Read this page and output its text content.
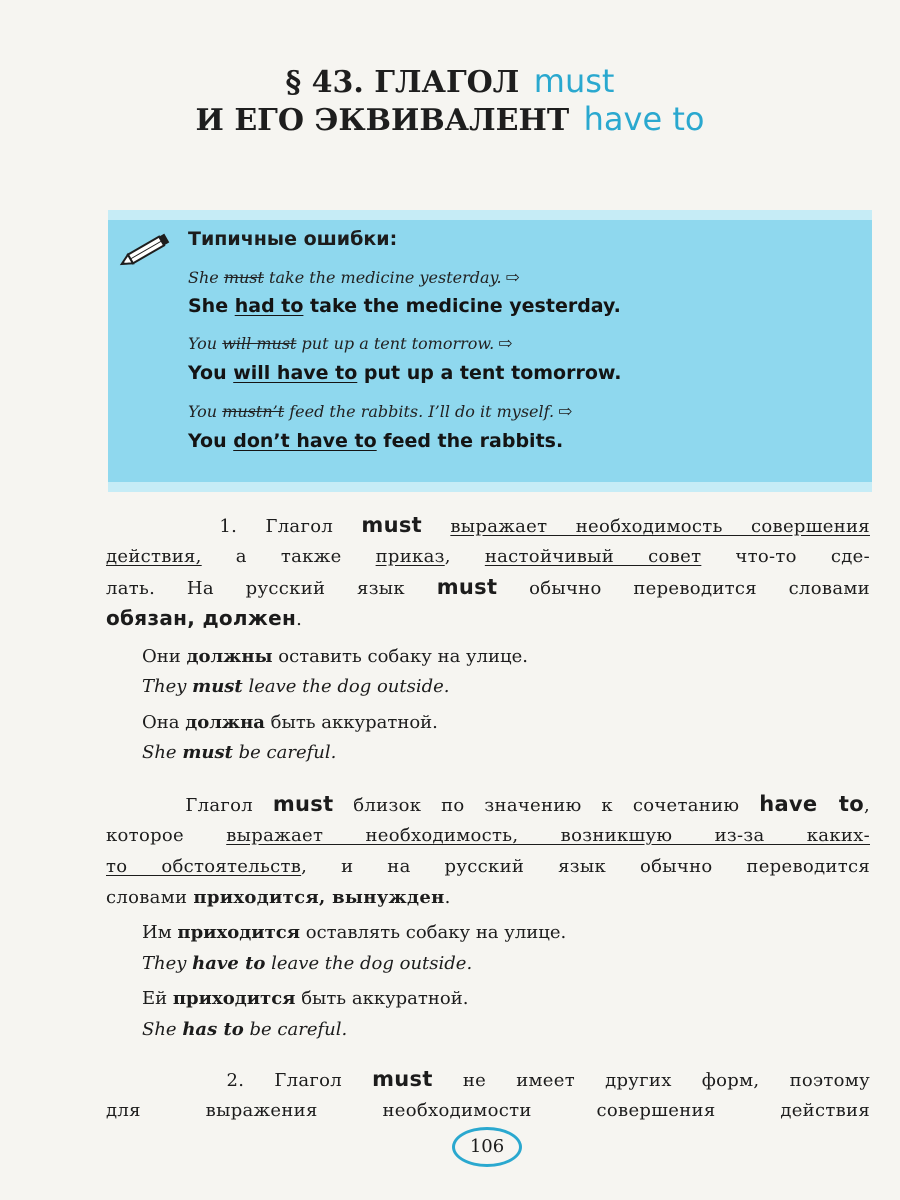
§ 43. ГЛАГОЛ must
И ЕГО ЭКВИВАЛЕНТ have to
Типичные ошибки:
She must take the medicine yesterday. ⇨
She had to take the medicine yesterday.
You will must put up a tent tomorrow. ⇨
You will have to put up a tent tomorrow.
You mustn’t feed the rabbits. I’ll do it myself. ⇨
You don’t have to feed the rabbits.
1. Глагол must выражает необходимость совершения
действия, а также приказ, настойчивый совет что-то сде-
лать. На русский язык must обычно переводится словами
обязан, должен.
Они должны оставить собаку на улице.
They must leave the dog outside.
Она должна быть аккуратной.
She must be careful.
Глагол must близок по значению к сочетанию have to,
которое выражает необходимость, возникшую из-за каких-
то обстоятельств, и на русский язык обычно переводится
словами приходится, вынужден.
Им приходится оставлять собаку на улице.
They have to leave the dog outside.
Ей приходится быть аккуратной.
She has to be careful.
2. Глагол must не имеет других форм, поэтому
для выражения необходимости совершения действия
106
